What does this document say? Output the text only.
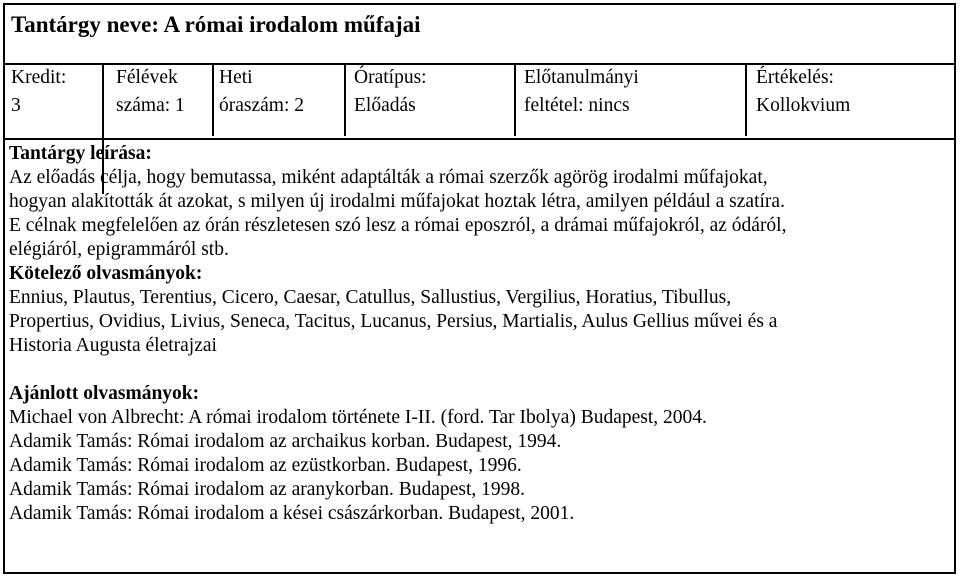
Tantárgy neve: A római irodalom műfajai
Kredit:
3
Félévek
száma: 1
Heti
óraszám: 2
Óratípus:
Előadás
Előtanulmányi
feltétel: nincs
Értékelés:
Kollokvium

Tantárgy leírása:

Az előadás célja, hogy bemutassa, miként adaptálták a római szerzők agörög irodalmi műfajokat,

hogyan alakították át azokat, s milyen új irodalmi műfajokat hoztak létra, amilyen például a szatíra.

E célnak megfelelően az órán részletesen szó lesz a római eposzról, a drámai műfajokról, az ódáról,

elégiáról, epigrammáról stb.

Kötelező olvasmányok:

Ennius, Plautus, Terentius, Cicero, Caesar, Catullus, Sallustius, Vergilius, Horatius, Tibullus,

Propertius, Ovidius, Livius, Seneca, Tacitus, Lucanus, Persius, Martialis, Aulus Gellius művei és a

Historia Augusta életrajzai

Ajánlott olvasmányok:

Michael von Albrecht: A római irodalom története I-II. (ford. Tar Ibolya) Budapest, 2004.

Adamik Tamás: Római irodalom az archaikus korban. Budapest, 1994.

Adamik Tamás: Római irodalom az ezüstkorban. Budapest, 1996.

Adamik Tamás: Római irodalom az aranykorban. Budapest, 1998.

Adamik Tamás: Római irodalom a kései császárkorban. Budapest, 2001.
